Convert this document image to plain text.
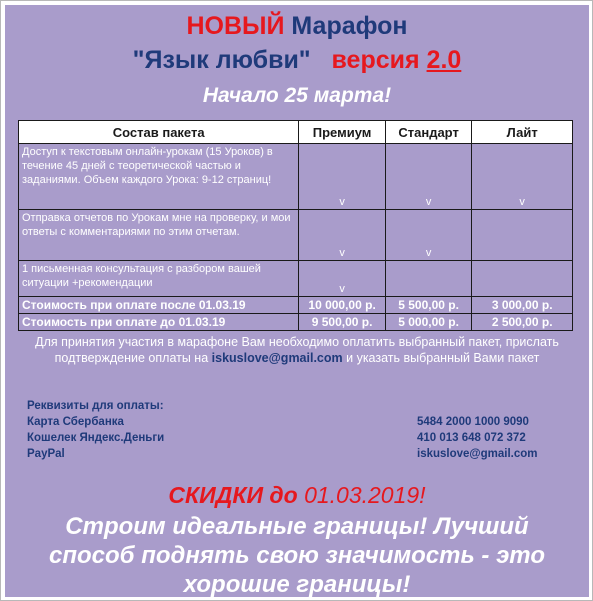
НОВЫЙ Марафон
"Язык любви" версия 2.0
Начало 25 марта!
Состав пакета	Премиум	Стандарт	Лайт
Доступ к текстовым онлайн-урокам (15 Уроков) в течение 45 дней с теоретической частью и заданиями. Объем каждого Урока: 9-12 страниц!	v	v	v
Отправка отчетов по Урокам мне на проверку, и мои ответы с комментариями по этим отчетам.	v	v	
1 письменная консультация с разбором вашей ситуации +рекомендации	v		
Стоимость при оплате после 01.03.19	10 000,00 р.	5 500,00 р.	3 000,00 р.
Стоимость при оплате до 01.03.19	9 500,00 р.	5 000,00 р.	2 500,00 р.
Для принятия участия в марафоне Вам необходимо оплатить выбранный пакет, прислать подтверждение оплаты на iskuslove@gmail.com и указать выбранный Вами пакет
Реквизиты для оплаты:
Карта Сбербанка	5484 2000 1000 9090
Кошелек Яндекс.Деньги	410 013 648 072 372
PayPal	iskuslove@gmail.com
СКИДКИ до 01.03.2019!
Строим идеальные границы! Лучший
способ поднять свою значимость - это
хорошие границы!
